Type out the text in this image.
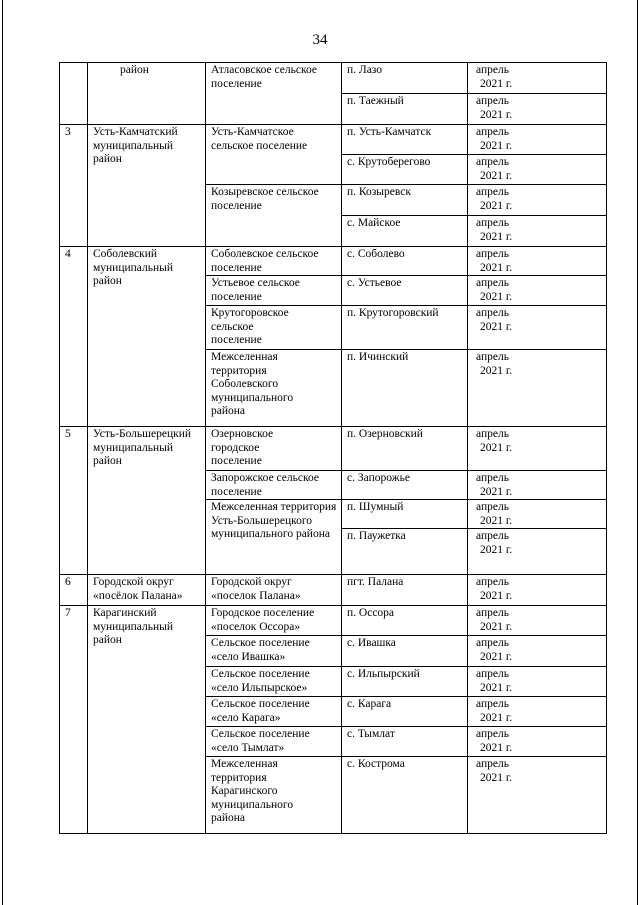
34
	район	Атласовское сельское поселение	п. Лазо	апрель
2021 г.

			п. Таежный	апрель
2021 г.

3	Усть-Камчатский муниципальный район	Усть-Камчатское сельское поселение	п. Усть-Камчатск	апрель
2021 г.

			с. Крутоберегово	апрель
2021 г.

		Козыревское сельское поселение	п. Козыревск	апрель
2021 г.

			с. Майское	апрель
2021 г.

4	Соболевский муниципальный район	Соболевское сельское поселение	с. Соболево	апрель
2021 г.

		Устьевое сельское поселение	с. Устьевое	апрель
2021 г.

		Крутогоровское сельское поселение	п. Крутогоровский	апрель
2021 г.

		Межселенная территория Соболевского муниципального района	п. Ичинский	апрель
2021 г.

5	Усть-Большерецкий муниципальный район	Озерновское городское поселение	п. Озерновский	апрель
2021 г.

		Запорожское сельское поселение	с. Запорожье	апрель
2021 г.

		Межселенная территория Усть-Большерецкого муниципального района	п. Шумный	апрель
2021 г.

			п. Паужетка	апрель
2021 г.

6	Городской округ «посёлок Палана»	Городской округ «поселок Палана»	пгт. Палана	апрель
2021 г.

7	Карагинский муниципальный район	Городское поселение «поселок Оссора»	п. Оссора	апрель
2021 г.

		Сельское поселение «село Ивашка»	с. Ивашка	апрель
2021 г.

		Сельское поселение «село Ильпырское»	с. Ильпырский	апрель
2021 г.

		Сельское поселение «село Карага»	с. Карага	апрель
2021 г.

		Сельское поселение «село Тымлат»	с. Тымлат	апрель
2021 г.

		Межселенная территория Карагинского муниципального района	с. Кострома	апрель
2021 г.
